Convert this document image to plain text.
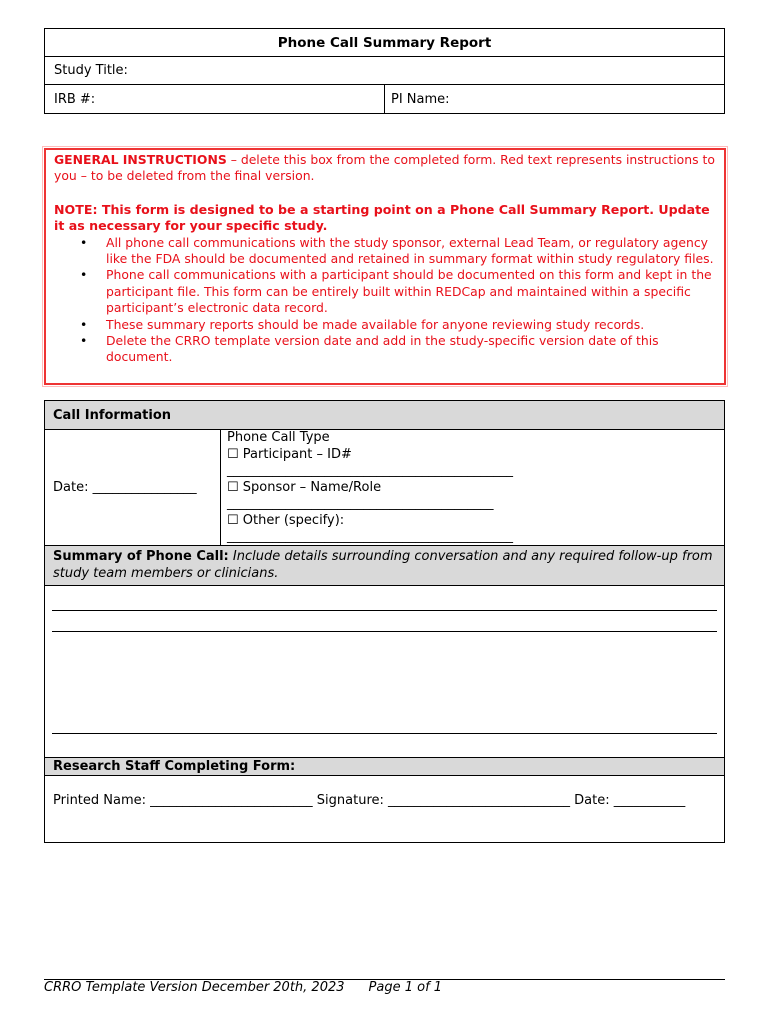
Phone Call Summary Report
Study Title:
IRB #:	PI Name:

GENERAL INSTRUCTIONS – delete this box from the completed form. Red text represents instructions to you – to be deleted from the final version.

NOTE: This form is designed to be a starting point on a Phone Call Summary Report. Update it as necessary for your specific study.

• All phone call communications with the study sponsor, external Lead Team, or regulatory agency like the FDA should be documented and retained in summary format within study regulatory files.
• Phone call communications with a participant should be documented on this form and kept in the participant file. This form can be entirely built within REDCap and maintained within a specific participant’s electronic data record.
• These summary reports should be made available for anyone reviewing study records.
• Delete the CRRO template version date and add in the study-specific version date of this document.
Call Information
Date: ________________
Phone Call Type
☐ Participant – ID#
____________________________________________
☐ Sponsor – Name/Role
_________________________________________
☐ Other (specify):
____________________________________________
Summary of Phone Call: Include details surrounding conversation and any required follow-up from study team members or clinicians.
Research Staff Completing Form:
Printed Name: _________________________ Signature: ____________________________ Date: ___________
CRRO Template Version December 20th, 2023 Page 1 of 1
